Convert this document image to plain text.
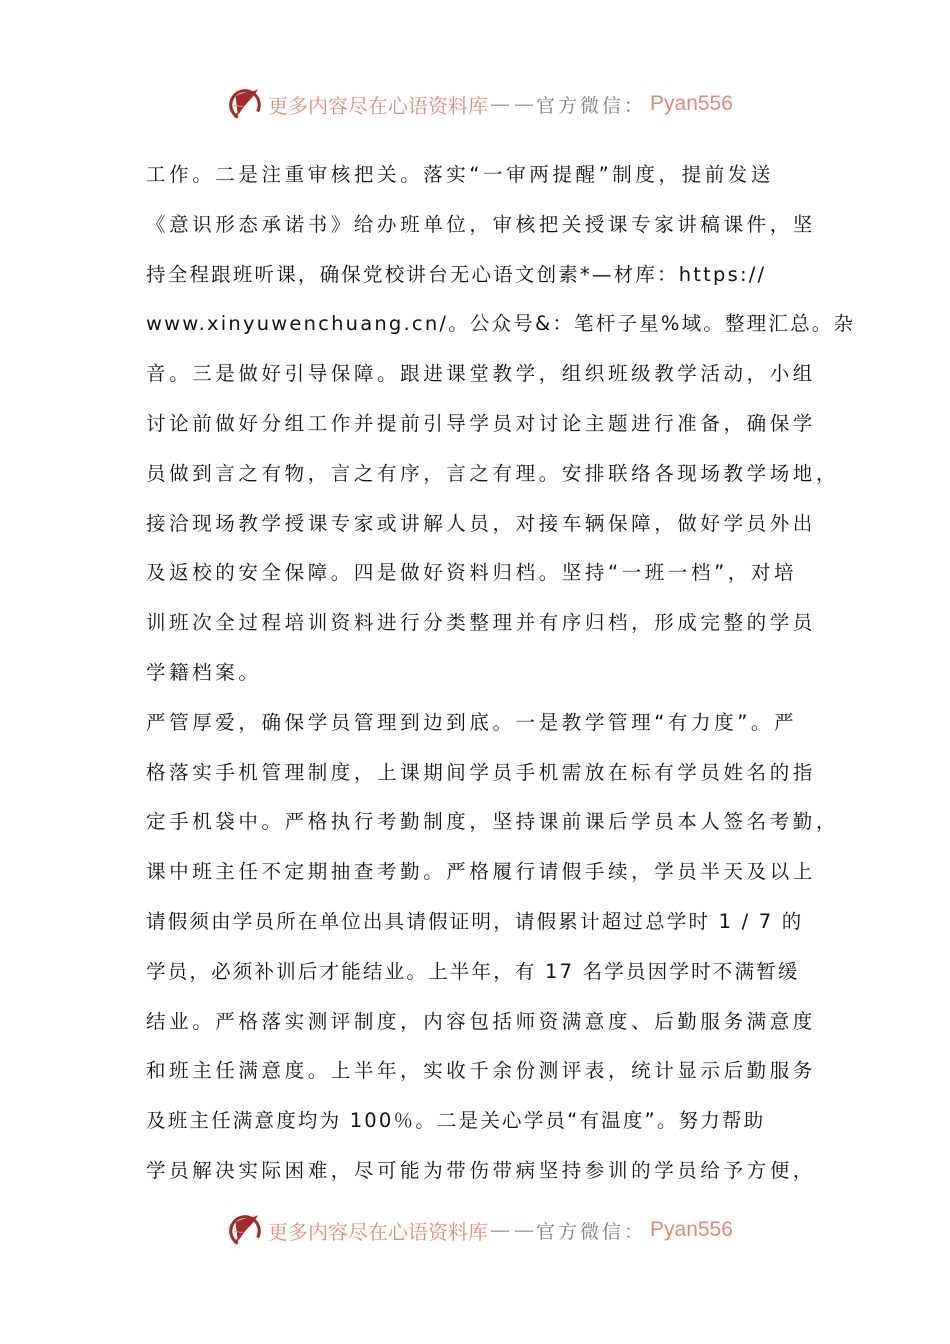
更多内容尽在心语资料库 — — 官方微信： Pyan556
工作。二是注重审核把关。落实“一审两提醒”制度，提前发送
《意识形态承诺书》给办班单位，审核把关授课专家讲稿课件，坚
持全程跟班听课，确保党校讲台无心语文创素*—材库：https://
www.xinyuwenchuang.cn/。公众号&：笔杆子星%域。整理汇总。杂
音。三是做好引导保障。跟进课堂教学，组织班级教学活动，小组
讨论前做好分组工作并提前引导学员对讨论主题进行准备，确保学
员做到言之有物，言之有序，言之有理。安排联络各现场教学场地，
接洽现场教学授课专家或讲解人员，对接车辆保障，做好学员外出
及返校的安全保障。四是做好资料归档。坚持“一班一档”，对培
训班次全过程培训资料进行分类整理并有序归档，形成完整的学员
学籍档案。
严管厚爱，确保学员管理到边到底。一是教学管理“有力度”。严
格落实手机管理制度，上课期间学员手机需放在标有学员姓名的指
定手机袋中。严格执行考勤制度，坚持课前课后学员本人签名考勤，
课中班主任不定期抽查考勤。严格履行请假手续，学员半天及以上
请假须由学员所在单位出具请假证明，请假累计超过总学时 1 / 7 的
学员，必须补训后才能结业。上半年，有 17 名学员因学时不满暂缓
结业。严格落实测评制度，内容包括师资满意度、后勤服务满意度
和班主任满意度。上半年，实收千余份测评表，统计显示后勤服务
及班主任满意度均为 100％。二是关心学员“有温度”。努力帮助
学员解决实际困难，尽可能为带伤带病坚持参训的学员给予方便，
更多内容尽在心语资料库 — — 官方微信： Pyan556
